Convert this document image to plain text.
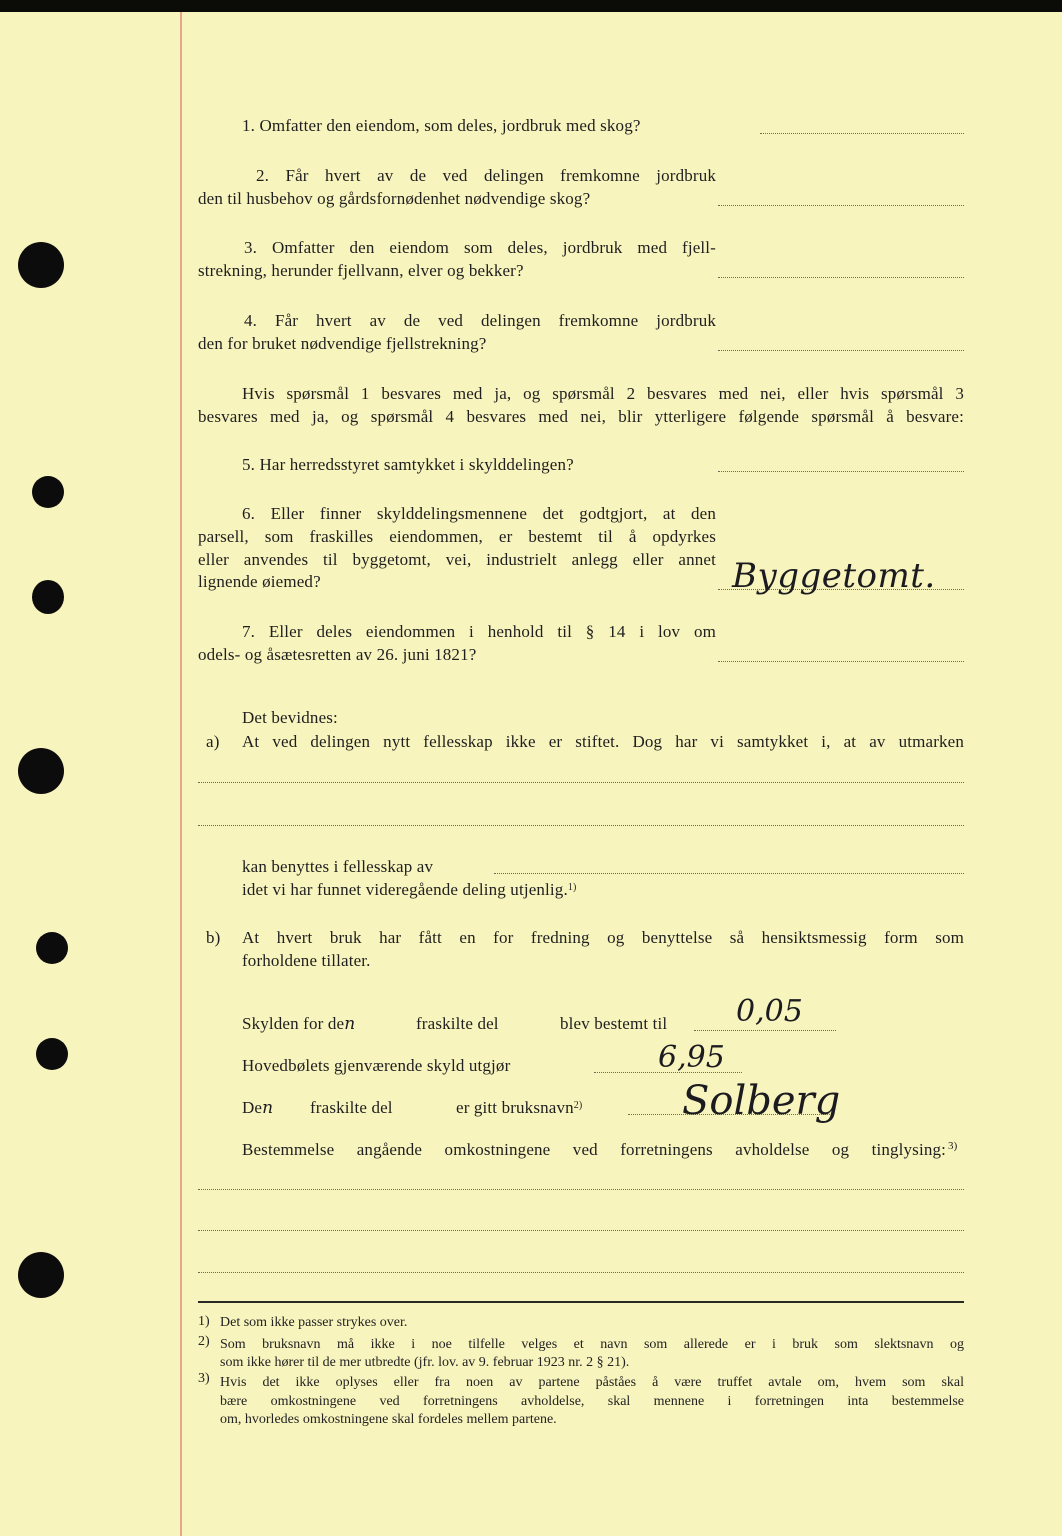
1. Omfatter den eiendom, som deles, jordbruk med skog?
2. Får hvert av de ved delingen fremkomne jordbruk
den til husbehov og gårdsfornødenhet nødvendige skog?
3. Omfatter den eiendom som deles, jordbruk med fjell-
strekning, herunder fjellvann, elver og bekker?
4. Får hvert av de ved delingen fremkomne jordbruk
den for bruket nødvendige fjellstrekning?
Hvis spørsmål 1 besvares med ja, og spørsmål 2 besvares med nei, eller hvis spørsmål 3
besvares med ja, og spørsmål 4 besvares med nei, blir ytterligere følgende spørsmål å besvare:
5. Har herredsstyret samtykket i skylddelingen?
6. Eller finner skylddelingsmennene det godtgjort, at den
parsell, som fraskilles eiendommen, er bestemt til å opdyrkes
eller anvendes til byggetomt, vei, industrielt anlegg eller annet
lignende øiemed?	Byggetomt.
7. Eller deles eiendommen i henhold til § 14 i lov om
odels- og åsætesretten av 26. juni 1821?
Det bevidnes:
a) At ved delingen nytt fellesskap ikke er stiftet. Dog har vi samtykket i, at av utmarken
kan benyttes i fellesskap av
idet vi har funnet videregående deling utjenlig.$^{1)}$
b) At hvert bruk har fått en for fredning og benyttelse så hensiktsmessig form som
forholdene tillater.
Skylden for den	fraskilte del	blev bestemt til 0,05
Hovedbølets gjenværende skyld utgjør	6,95
Den fraskilte del	er gitt bruksnavn$^{2)}$ Solberg
Bestemmelse angående omkostningene ved forretningens avholdelse og tinglysing: 3)
1) Det som ikke passer strykes over.
2) Som bruksnavn må ikke i noe tilfelle velges et navn som allerede er i bruk som slektsnavn og
som ikke hører til de mer utbredte (jfr. lov. av 9. februar 1923 nr. 2 § 21).
3) Hvis det ikke oplyses eller fra noen av partene påståes å være truffet avtale om, hvem som skal
bære omkostningene ved forretningens avholdelse, skal mennene i forretningen inta bestemmelse
om, hvorledes omkostningene skal fordeles mellem partene.
